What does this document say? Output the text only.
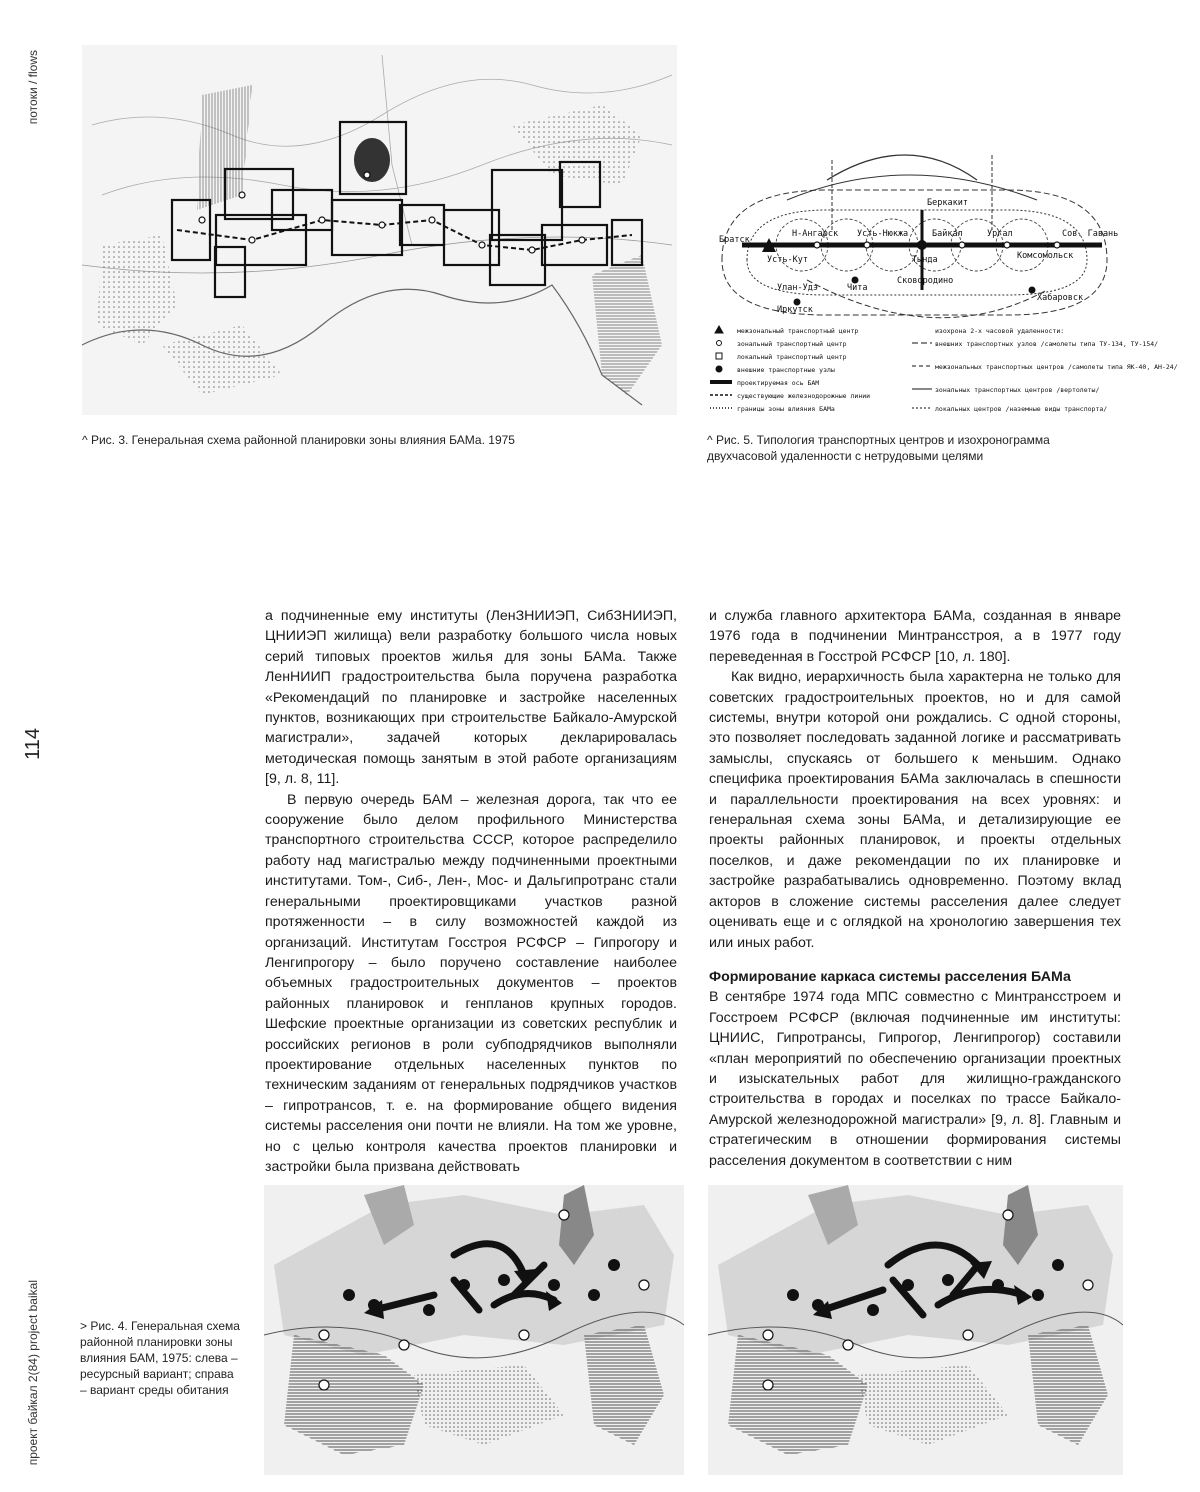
потоки / flows
114
проект байкал 2(84) project baikal
^ Рис. 3. Генеральная схема районной планировки зоны влияния БАМа. 1975
Братск
Н-Ангарск
Усть-Кут
Усть-Нюкжа
Тында
Байкал	Ургал
Комсомольск
Сов. Гавань
Чита
Улан-Удэ
Иркутск
Хабаровск
Сковородино
Беркакит
межзональный транспортный центр
зональный транспортный центр
локальный транспортный центр
внешние транспортные узлы
проектируемая ось БАМ
существующие железнодорожные линии
границы зоны влияния БАМа
изохрона 2-х часовой удаленности:
внешних транспортных узлов /самолеты типа ТУ-134, ТУ-154/
межзональных транспортных центров /самолеты типа ЯК-40, АН-24/
зональных транспортных центров /вертолеты/
локальных центров /наземные виды транспорта/
^ Рис. 5. Типология транспортных центров и изохронограмма двухчасовой удаленности с нетрудовыми целями

а подчиненные ему институты (ЛенЗНИИЭП, СибЗНИИЭП, ЦНИИЭП жилища) вели разработку большого числа новых серий типовых проектов жилья для зоны БАМа. Также ЛенНИИП градостроительства была поручена разработка «Рекомендаций по планировке и застройке населенных пунктов, возникающих при строительстве Байкало-Амурской магистрали», задачей которых декларировалась методическая помощь занятым в этой работе организациям [9, л. 8, 11].

В первую очередь БАМ – железная дорога, так что ее сооружение было делом профильного Министерства транспортного строительства СССР, которое распределило работу над магистралью между подчиненными проектными институтами. Том-, Сиб-, Лен-, Мос- и Дальгипротранс стали генеральными проектировщиками участков разной протяженности – в силу возможностей каждой из организаций. Институтам Госстроя РСФСР – Гипрогору и Ленгипрогору – было поручено составление наиболее объемных градостроительных документов – проектов районных планировок и генпланов крупных городов. Шефские проектные организации из советских республик и российских регионов в роли субподрядчиков выполняли проектирование отдельных населенных пунктов по техническим заданиям от генеральных подрядчиков участков – гипротрансов, т. е. на формирование общего видения системы расселения они почти не влияли. На том же уровне, но с целью контроля качества проектов планировки и застройки была призвана действовать

и служба главного архитектора БАМа, созданная в январе 1976 года в подчинении Минтрансстроя, а в 1977 году переведенная в Госстрой РСФСР [10, л. 180].

Как видно, иерархичность была характерна не только для советских градостроительных проектов, но и для самой системы, внутри которой они рождались. С одной стороны, это позволяет последовать заданной логике и рассматривать замыслы, спускаясь от большего к меньшим. Однако специфика проектирования БАМа заключалась в спешности и параллельности проектирования на всех уровнях: и генеральная схема зоны БАМа, и детализирующие ее проекты районных планировок, и проекты отдельных поселков, и даже рекомендации по их планировке и застройке разрабатывались одновременно. Поэтому вклад акторов в сложение системы расселения далее следует оценивать еще и с оглядкой на хронологию завершения тех или иных работ.

Формирование каркаса системы расселения БАМа

В сентябре 1974 года МПС совместно с Минтрансстроем и Госстроем РСФСР (включая подчиненные им институты: ЦНИИС, Гипротрансы, Гипрогор, Ленгипрогор) составили «план мероприятий по обеспечению организации проектных и изыскательных работ для жилищно-гражданского строительства в городах и поселках по трассе Байкало-Амурской железнодорожной магистрали» [9, л. 8]. Главным и стратегическим в отношении формирования системы расселения документом в соответствии с ним

> Рис. 4. Генеральная схема районной планировки зоны влияния БАМ, 1975: слева – ресурсный вариант; справа – вариант среды обитания
